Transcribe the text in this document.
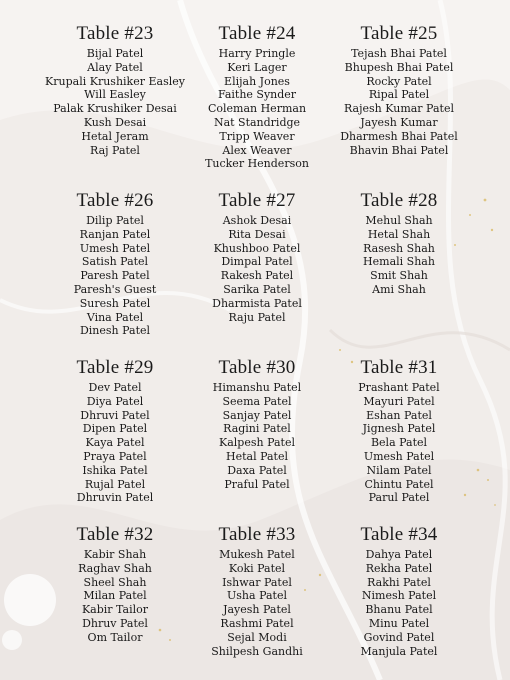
Table #23
Bijal Patel
Alay Patel
Krupali Krushiker Easley
Will Easley
Palak Krushiker Desai
Kush Desai
Hetal Jeram
Raj Patel
Table #24
Harry Pringle
Keri Lager
Elijah Jones
Faithe Synder
Coleman Herman
Nat Standridge
Tripp Weaver
Alex Weaver
Tucker Henderson
Table #25
Tejash Bhai Patel
Bhupesh Bhai Patel
Rocky Patel
Ripal Patel
Rajesh Kumar Patel
Jayesh Kumar
Dharmesh Bhai Patel
Bhavin Bhai Patel
Table #26
Dilip Patel
Ranjan Patel
Umesh Patel
Satish Patel
Paresh Patel
Paresh's Guest
Suresh Patel
Vina Patel
Dinesh Patel
Table #27
Ashok Desai
Rita Desai
Khushboo Patel
Dimpal Patel
Rakesh Patel
Sarika Patel
Dharmista Patel
Raju Patel
Table #28
Mehul Shah
Hetal Shah
Rasesh Shah
Hemali Shah
Smit Shah
Ami Shah
Table #29
Dev Patel
Diya Patel
Dhruvi Patel
Dipen Patel
Kaya Patel
Praya Patel
Ishika Patel
Rujal Patel
Dhruvin Patel
Table #30
Himanshu Patel
Seema Patel
Sanjay Patel
Ragini Patel
Kalpesh Patel
Hetal Patel
Daxa Patel
Praful Patel
Table #31
Prashant Patel
Mayuri Patel
Eshan Patel
Jignesh Patel
Bela Patel
Umesh Patel
Nilam Patel
Chintu Patel
Parul Patel
Table #32
Kabir Shah
Raghav Shah
Sheel Shah
Milan Patel
Kabir Tailor
Dhruv Patel
Om Tailor
Table #33
Mukesh Patel
Koki Patel
Ishwar Patel
Usha Patel
Jayesh Patel
Rashmi Patel
Sejal Modi
Shilpesh Gandhi
Table #34
Dahya Patel
Rekha Patel
Rakhi Patel
Nimesh Patel
Bhanu Patel
Minu Patel
Govind Patel
Manjula Patel
